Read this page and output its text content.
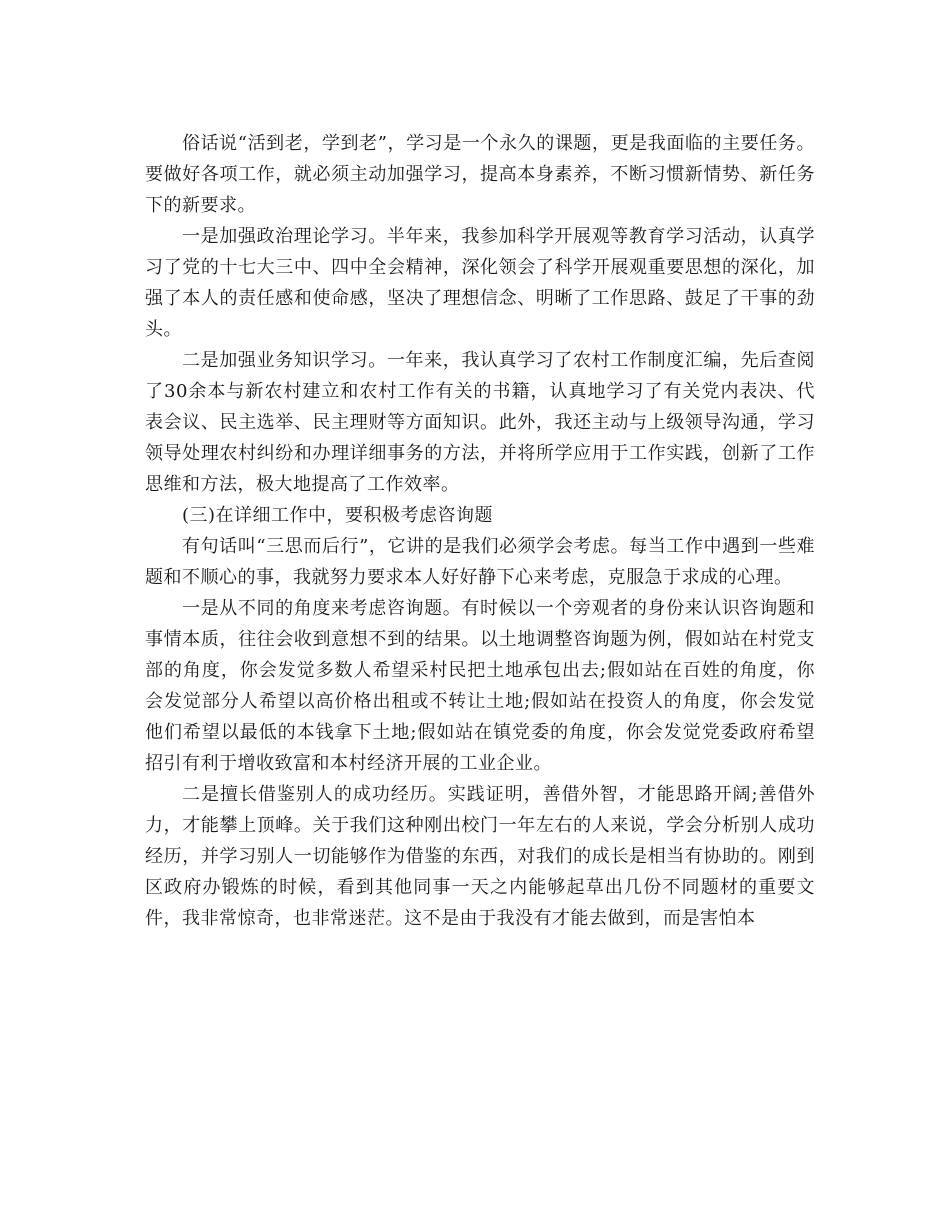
俗话说“活到老，学到老”，学习是一个永久的课题，更是我面临的主要任务。要做好各项工作，就必须主动加强学习，提高本身素养，不断习惯新情势、新任务下的新要求。

一是加强政治理论学习。半年来，我参加科学开展观等教育学习活动，认真学习了党的十七大三中、四中全会精神，深化领会了科学开展观重要思想的深化，加强了本人的责任感和使命感，坚决了理想信念、明晰了工作思路、鼓足了干事的劲头。

二是加强业务知识学习。一年来，我认真学习了农村工作制度汇编，先后查阅了30余本与新农村建立和农村工作有关的书籍，认真地学习了有关党内表决、代表会议、民主选举、民主理财等方面知识。此外，我还主动与上级领导沟通，学习领导处理农村纠纷和办理详细事务的方法，并将所学应用于工作实践，创新了工作思维和方法，极大地提高了工作效率。

(三)在详细工作中，要积极考虑咨询题

有句话叫“三思而后行”，它讲的是我们必须学会考虑。每当工作中遇到一些难题和不顺心的事，我就努力要求本人好好静下心来考虑，克服急于求成的心理。

一是从不同的角度来考虑咨询题。有时候以一个旁观者的身份来认识咨询题和事情本质，往往会收到意想不到的结果。以土地调整咨询题为例，假如站在村党支部的角度，你会发觉多数人希望采村民把土地承包出去;假如站在百姓的角度，你会发觉部分人希望以高价格出租或不转让土地;假如站在投资人的角度，你会发觉他们希望以最低的本钱拿下土地;假如站在镇党委的角度，你会发觉党委政府希望招引有利于增收致富和本村经济开展的工业企业。

二是擅长借鉴别人的成功经历。实践证明，善借外智，才能思路开阔;善借外力，才能攀上顶峰。关于我们这种刚出校门一年左右的人来说，学会分析别人成功经历，并学习别人一切能够作为借鉴的东西，对我们的成长是相当有协助的。刚到区政府办锻炼的时候，看到其他同事一天之内能够起草出几份不同题材的重要文件，我非常惊奇，也非常迷茫。这不是由于我没有才能去做到，而是害怕本
